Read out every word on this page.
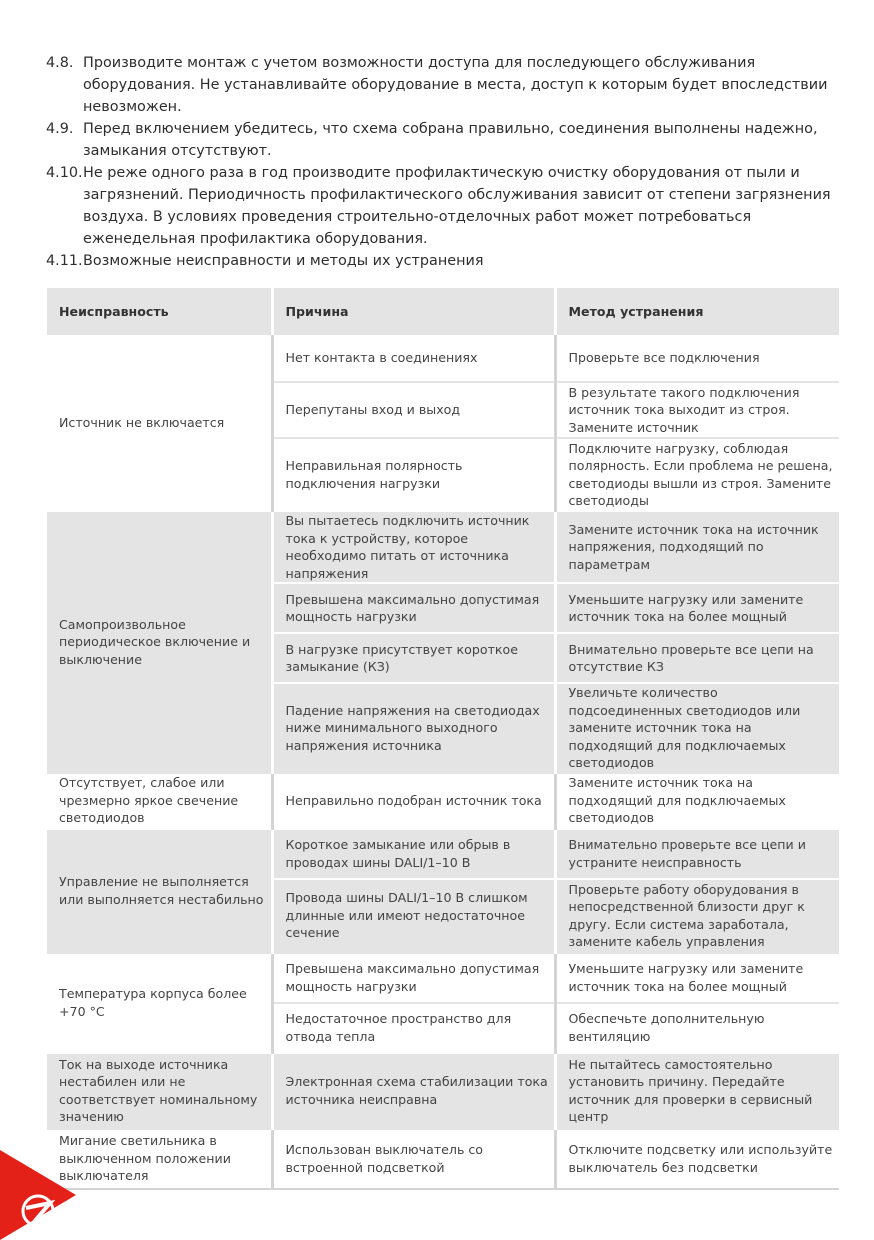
4.8. Производите монтаж с учетом возможности доступа для последующего обслуживания оборудования. Не устанавливайте оборудование в места, доступ к которым будет впоследствии невозможен.
4.9. Перед включением убедитесь, что схема собрана правильно, соединения выполнены надежно, замыкания отсутствуют.
4.10. Не реже одного раза в год производите профилактическую очистку оборудования от пыли и загрязнений. Периодичность профилактического обслуживания зависит от степени загрязнения воздуха. В условиях проведения строительно-отделочных работ может потребоваться еженедельная профилактика оборудования.
4.11. Возможные неисправности и методы их устранения
Неисправность	Причина	Метод устранения
Источник не включается	Нет контакта в соединениях	Проверьте все подключения
	Перепутаны вход и выход	В результате такого подключения источник тока выходит из строя. Замените источник
	Неправильная полярность подключения нагрузки	Подключите нагрузку, соблюдая полярность. Если проблема не решена, светодиоды вышли из строя. Замените светодиоды
Самопроизвольное периодическое включение и выключение	Вы пытаетесь подключить источник тока к устройству, которое необходимо питать от источника напряжения	Замените источник тока на источник напряжения, подходящий по параметрам
	Превышена максимально допустимая мощность нагрузки	Уменьшите нагрузку или замените источник тока на более мощный
	В нагрузке присутствует короткое замыкание (КЗ)	Внимательно проверьте все цепи на отсутствие КЗ
	Падение напряжения на светодиодах ниже минимального выходного напряжения источника	Увеличьте количество подсоединенных светодиодов или замените источник тока на подходящий для подключаемых светодиодов
Отсутствует, слабое или чрезмерно яркое свечение светодиодов	Неправильно подобран источник тока	Замените источник тока на подходящий для подключаемых светодиодов
Управление не выполняется или выполняется нестабильно	Короткое замыкание или обрыв в проводах шины DALI/1–10 В	Внимательно проверьте все цепи и устраните неисправность
	Провода шины DALI/1–10 В слишком длинные или имеют недостаточное сечение	Проверьте работу оборудования в непосредственной близости друг к другу. Если система заработала, замените кабель управления
Температура корпуса более +70 °C	Превышена максимально допустимая мощность нагрузки	Уменьшите нагрузку или замените источник тока на более мощный
	Недостаточное пространство для отвода тепла	Обеспечьте дополнительную вентиляцию
Ток на выходе источника нестабилен или не соответствует номинальному значению	Электронная схема стабилизации тока источника неисправна	Не пытайтесь самостоятельно установить причину. Передайте источник для проверки в сервисный центр
Мигание светильника в выключенном положении выключателя	Использован выключатель со встроенной подсветкой	Отключите подсветку или используйте выключатель без подсветки
